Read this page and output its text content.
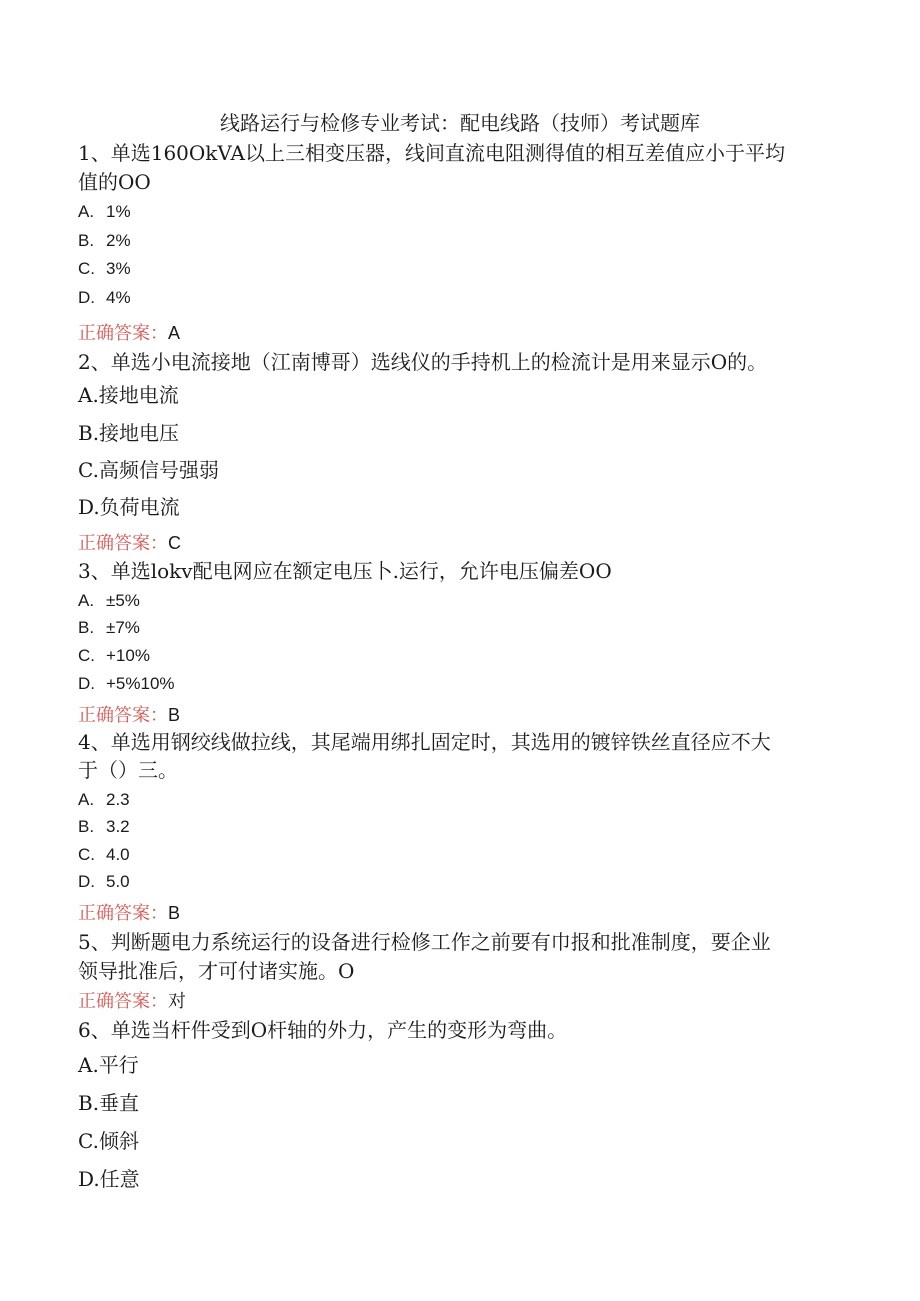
线路运行与检修专业考试：配电线路（技师）考试题库
1、单选160OkVA以上三相变压器，线间直流电阻测得值的相互差值应小于平均
值的OO
A. 1%
B. 2%
C. 3%
D. 4%
正确答案：A
2、单选小电流接地（江南博哥）选线仪的手持机上的检流计是用来显示O的。
A.接地电流
B.接地电压
C.高频信号强弱
D.负荷电流
正确答案：C
3、单选lokv配电网应在额定电压卜.运行，允许电压偏差OO
A. ±5%
B. ±7%
C. +10%
D. +5%10%
正确答案：B
4、单选用钢绞线做拉线，其尾端用绑扎固定时，其选用的镀锌铁丝直径应不大
于（）三。
A. 2.3
B. 3.2
C. 4.0
D. 5.0
正确答案：B
5、判断题电力系统运行的设备进行检修工作之前要有巾报和批准制度，要企业
领导批准后，才可付诸实施。O
正确答案：对
6、单选当杆件受到O杆轴的外力，产生的变形为弯曲。
A.平行
B.垂直
C.倾斜
D.任意
